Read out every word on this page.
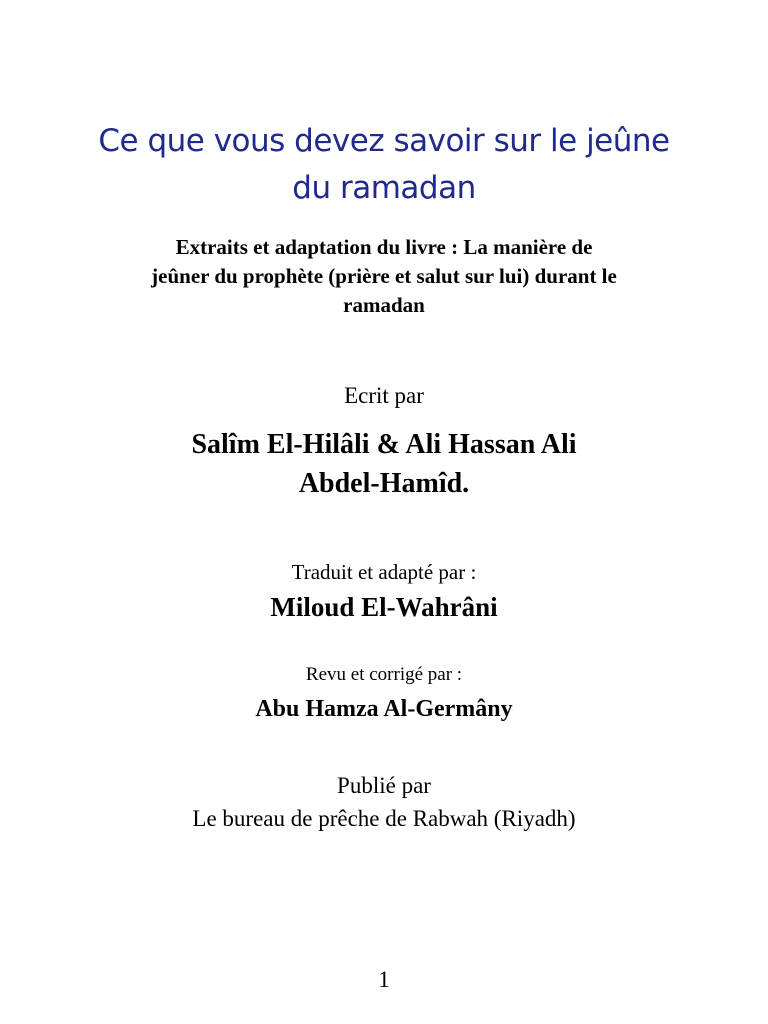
Ce que vous devez savoir sur le jeûne
du ramadan
Extraits et adaptation du livre : La manière de
jeûner du prophète (prière et salut sur lui) durant le
ramadan
Ecrit par
Salîm El-Hilâli & Ali Hassan Ali
Abdel-Hamîd.
Traduit et adapté par :
Miloud El-Wahrâni
Revu et corrigé par :
Abu Hamza Al-Germâny
Publié par
Le bureau de prêche de Rabwah (Riyadh)
1
